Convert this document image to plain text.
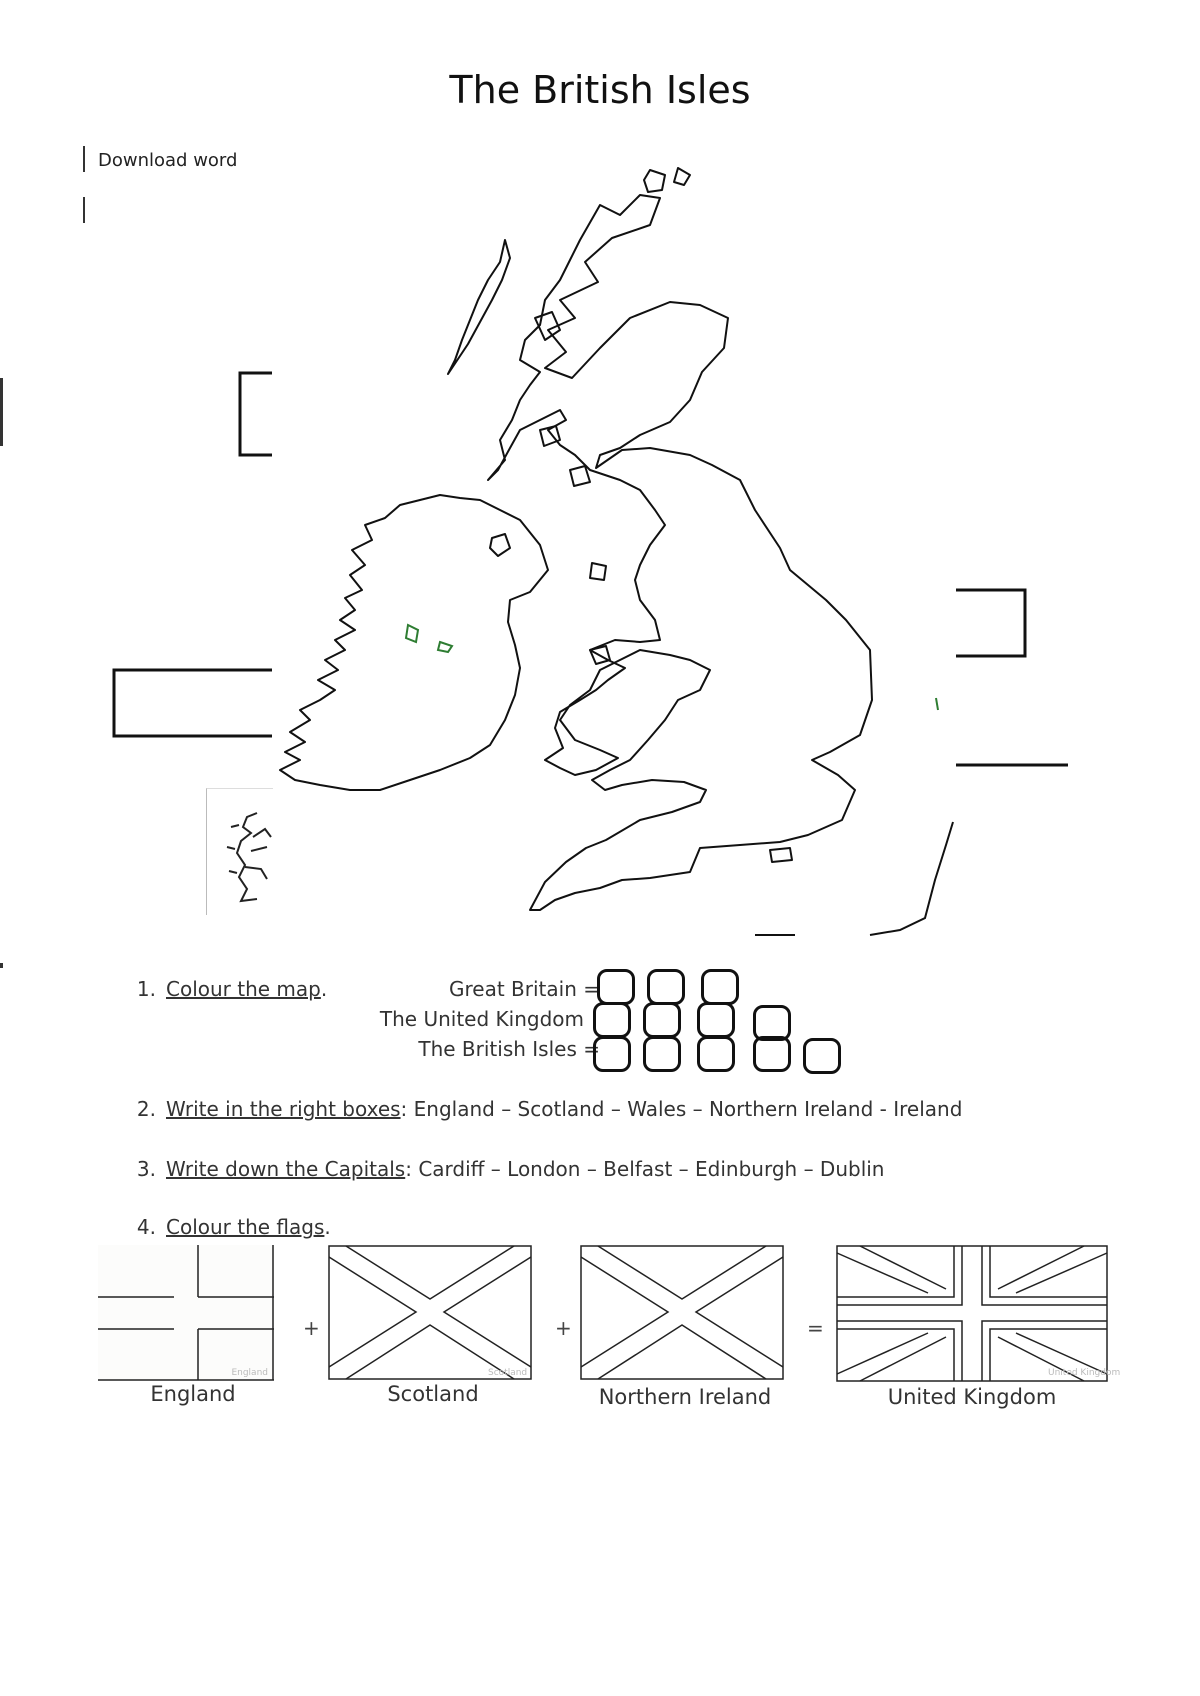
The British Isles
Download word
1. Colour the map.	Great Britain =
The United Kingdom
The British Isles =
2. Write in the right boxes: England – Scotland – Wales – Northern Ireland - Ireland
3. Write down the Capitals: Cardiff – London – Belfast – Edinburgh – Dublin
4. Colour the flags.
England
+
Scotland
+	=
United Kingdom
England	Scotland	Northern Ireland	United Kingdom
